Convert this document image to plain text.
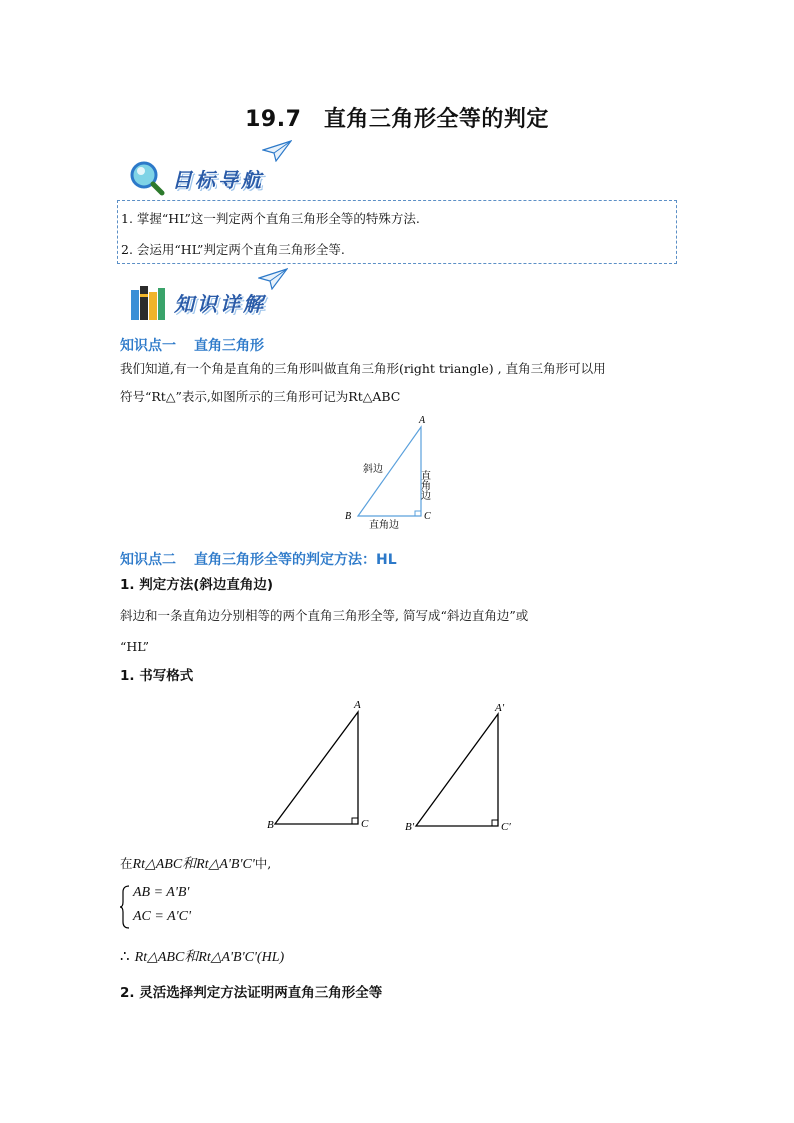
19.7　直角三角形全等的判定
目标导航
1. 掌握“HL”这一判定两个直角三角形全等的特殊方法.
2. 会运用“HL”判定两个直角三角形全等.
知识详解
知识点一 直角三角形
我们知道,有一个角是直角的三角形叫做直角三角形(right triangle) , 直角三角形可以用
符号“Rt△”表示,如图所示的三角形可记为Rt△ABC
A
B	C
斜边
直角边
直角边
知识点二 直角三角形全等的判定方法：HL
1. 判定方法(斜边直角边)
斜边和一条直角边分别相等的两个直角三角形全等, 简写成“斜边直角边”或
“HL”
1. 书写格式
A
B	C
A′
B′	C′
在Rt△ABC和Rt△A'B'C'中,
AB = A'B'
AC = A'C'
∴ Rt△ABC和Rt△A'B'C'(HL)
2. 灵活选择判定方法证明两直角三角形全等
